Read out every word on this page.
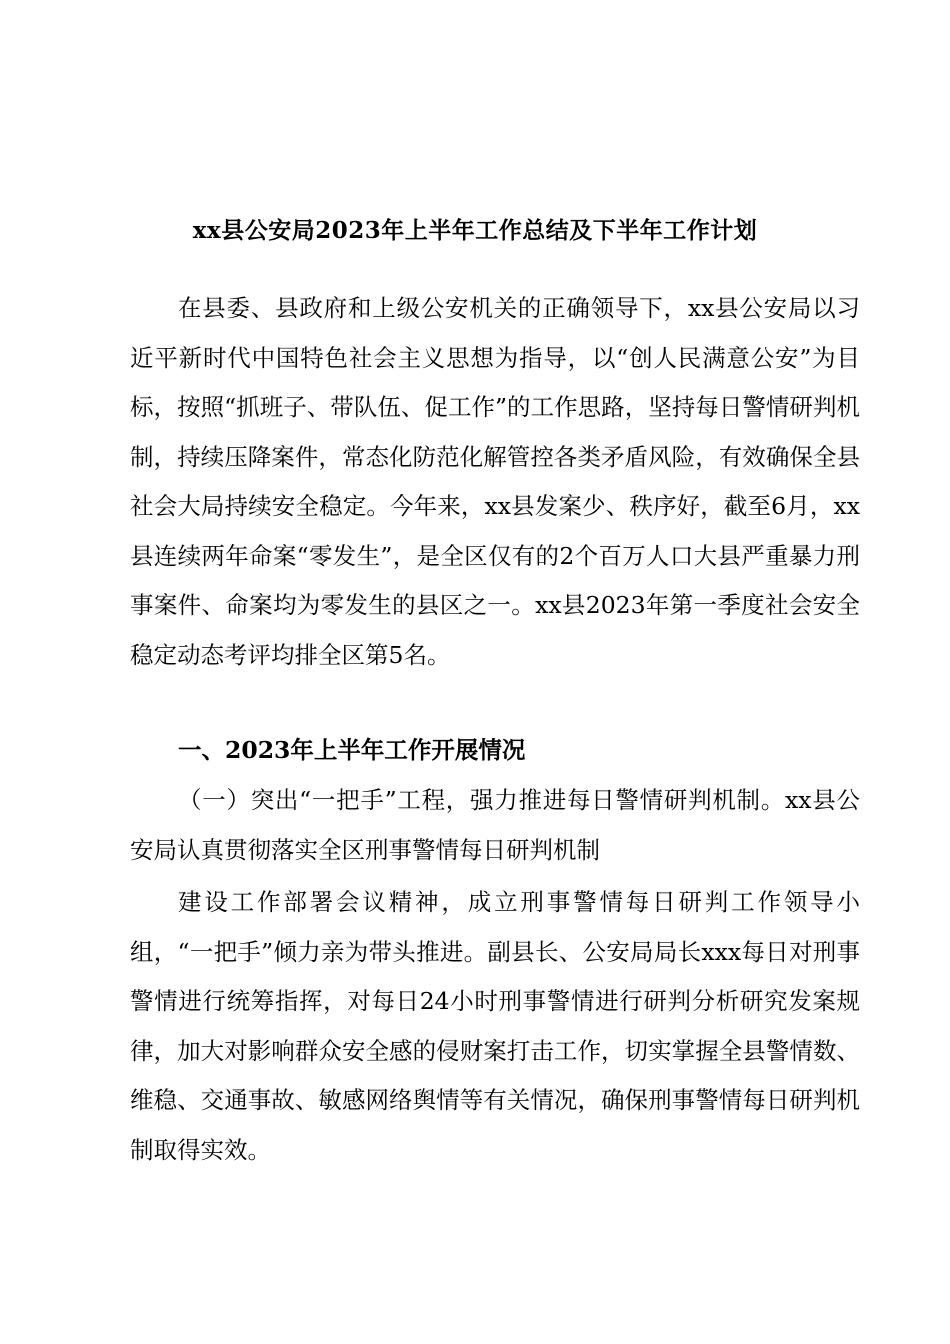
xx县公安局2023年上半年工作总结及下半年工作计划

在县委、县政府和上级公安机关的正确领导下，xx县公安局以习近平新时代中国特色社会主义思想为指导，以“创人民满意公安”为目标，按照“抓班子、带队伍、促工作”的工作思路，坚持每日警情研判机制，持续压降案件，常态化防范化解管控各类矛盾风险，有效确保全县社会大局持续安全稳定。今年来，xx县发案少、秩序好，截至6月，xx县连续两年命案“零发生”，是全区仅有的2个百万人口大县严重暴力刑事案件、命案均为零发生的县区之一。xx县2023年第一季度社会安全稳定动态考评均排全区第5名。

一、2023年上半年工作开展情况

（一）突出“一把手”工程，强力推进每日警情研判机制。xx县公安局认真贯彻落实全区刑事警情每日研判机制

建设工作部署会议精神，成立刑事警情每日研判工作领导小组，“一把手”倾力亲为带头推进。副县长、公安局局长xxx每日对刑事警情进行统筹指挥，对每日24小时刑事警情进行研判分析研究发案规律，加大对影响群众安全感的侵财案打击工作，切实掌握全县警情数、维稳、交通事故、敏感网络舆情等有关情况，确保刑事警情每日研判机制取得实效。
